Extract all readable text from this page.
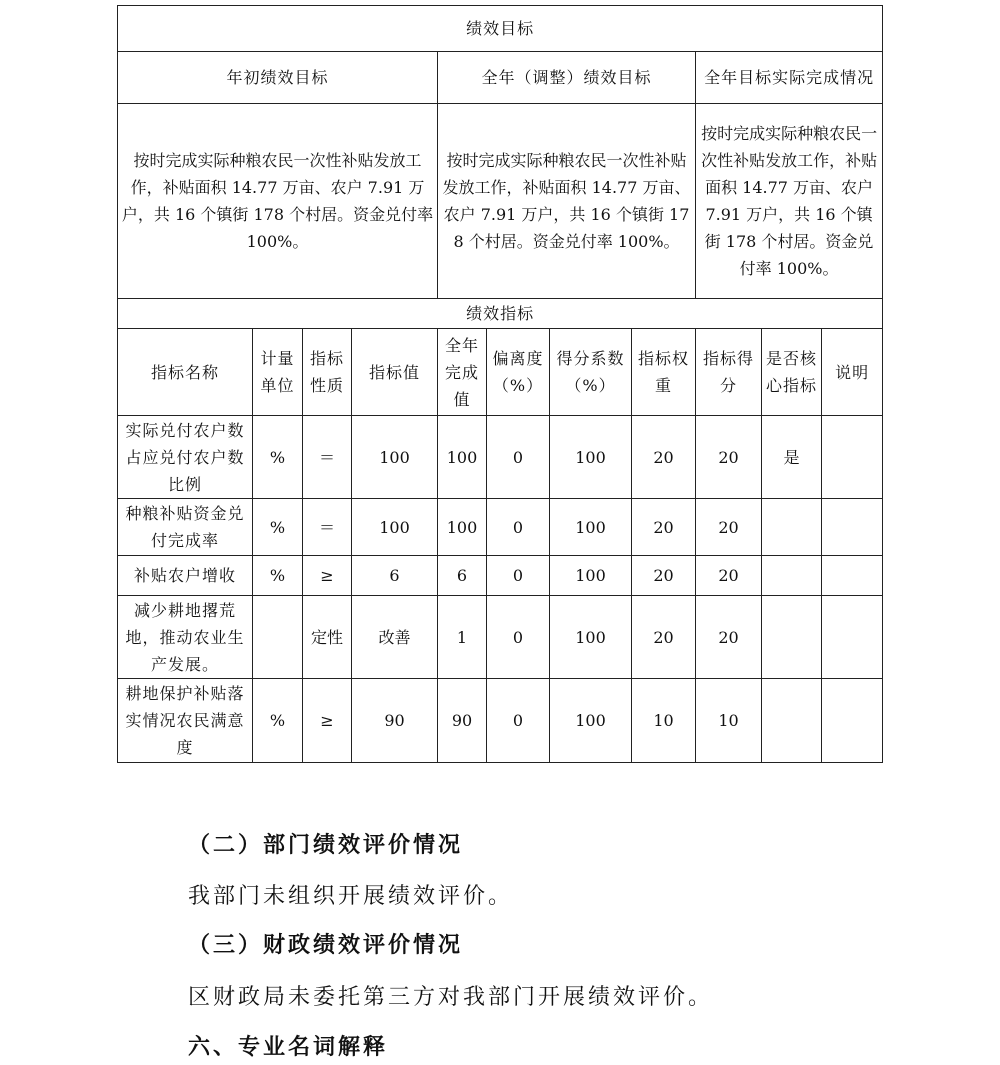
绩效目标										
年初绩效目标				全年（调整）绩效目标				全年目标实际完成情况		
按时完成实际种粮农民一次性补贴发放工作，补贴面积 14.77 万亩、农户 7.91 万户，共 16 个镇街 178 个村居。资金兑付率 100%。				按时完成实际种粮农民一次性补贴发放工作，补贴面积 14.77 万亩、农户 7.91 万户，共 16 个镇街 178 个村居。资金兑付率 100%。				按时完成实际种粮农民一次性补贴发放工作，补贴面积 14.77 万亩、农户 7.91 万户，共 16 个镇街 178 个村居。资金兑付率 100%。		
绩效指标										
指标名称	计量单位	指标性质	指标值	全年完成值	偏离度（%）	得分系数（%）	指标权重	指标得分	是否核心指标	说明
实际兑付农户数占应兑付农户数比例	%	＝	100	100	0	100	20	20	是	
种粮补贴资金兑付完成率	%	＝	100	100	0	100	20	20		
补贴农户增收	%	≥	6	6	0	100	20	20		
减少耕地撂荒地，推动农业生产发展。		定性	改善	1	0	100	20	20		
耕地保护补贴落实情况农民满意度	%	≥	90	90	0	100	10	10		
（二）部门绩效评价情况
我部门未组织开展绩效评价。
（三）财政绩效评价情况
区财政局未委托第三方对我部门开展绩效评价。
六、专业名词解释
